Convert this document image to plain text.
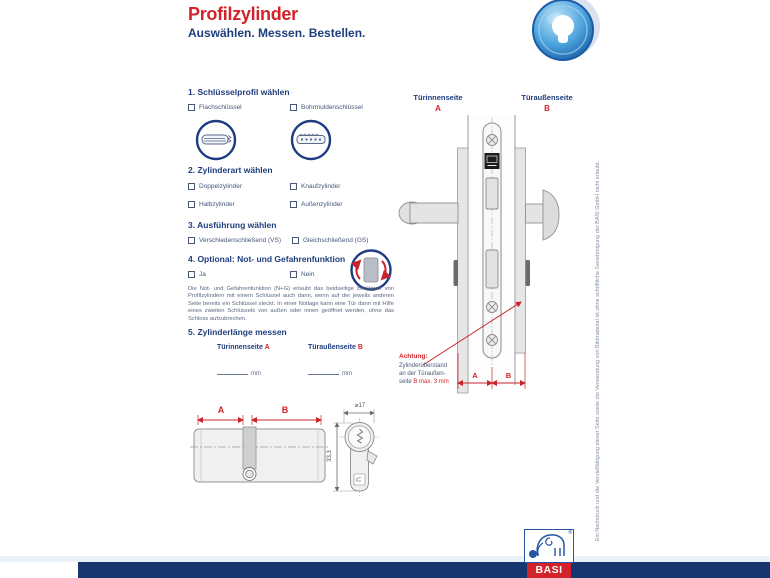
Profilzylinder
Auswählen. Messen. Bestellen.
1. Schlüsselprofil wählen
Flachschlüssel	Bohrmuldenschlüssel
2. Zylinderart wählen
Doppelzylinder	Knaufzylinder
Halbzylinder	Außenzylinder
3. Ausführung wählen
Verschiedenschließend (VS)	Gleichschließend (GS)
4. Optional: Not- und Gefahrenfunktion
Ja	Nein
Die Not- und Gefahrenfunktion (N+G) erlaubt das beidseitige Betätigen von Profilzylindern mit einem Schlüssel auch dann, wenn auf der jeweils anderen Seite bereits ein Schlüssel steckt. In einer Notlage kann eine Tür dann mit Hilfe eines zweiten Schlüssels von außen oder innen geöffnet werden, ohne das Schloss aufzubrechen.
5. Zylinderlänge messen
Türinnenseite A	Türaußenseite B
mm	mm
A	B	⌀17
33,3
Türinnenseite
A
Türaußenseite
B
A	B
Achtung:
Zylinderüberstand
an der Türaußen-
seite B max. 3 mm	Ein Nachdruck und die Vervielfältigung dieser Seite sowie die Verwendung von Bildmaterial ist ohne schriftliche Genehmigung der BASI GmbH nicht erlaubt.
®
BASI
